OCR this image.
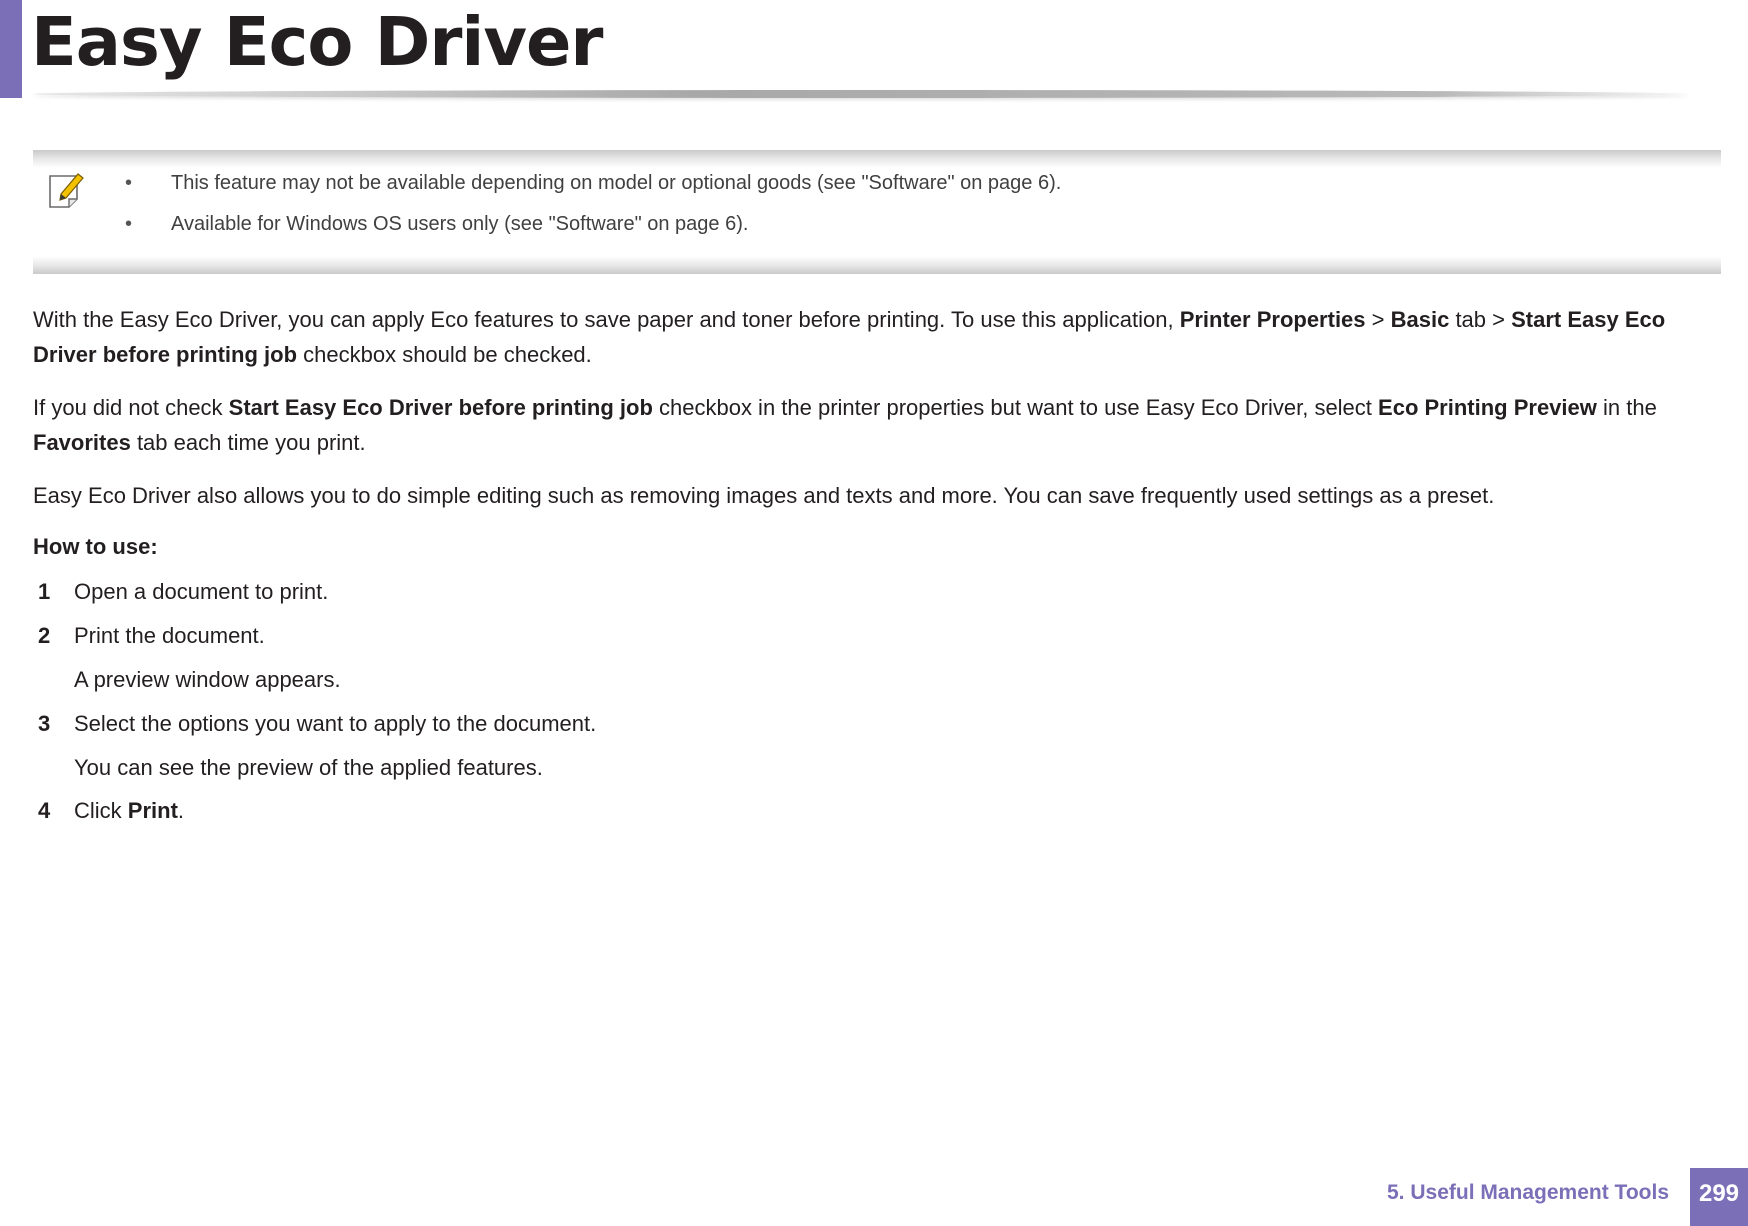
Easy Eco Driver
•	This feature may not be available depending on model or optional goods (see "Software" on page 6).
•	Available for Windows OS users only (see "Software" on page 6).

With the Easy Eco Driver, you can apply Eco features to save paper and toner before printing. To use this application, Printer Properties > Basic tab > Start Easy Eco Driver before printing job checkbox should be checked.

If you did not check Start Easy Eco Driver before printing job checkbox in the printer properties but want to use Easy Eco Driver, select Eco Printing Preview in the Favorites tab each time you print.

Easy Eco Driver also allows you to do simple editing such as removing images and texts and more. You can save frequently used settings as a preset.

How to use:

1	Open a document to print.
2	Print the document.
A preview window appears.
3	Select the options you want to apply to the document.
You can see the preview of the applied features.
4	Click Print.
5. Useful Management Tools	299
